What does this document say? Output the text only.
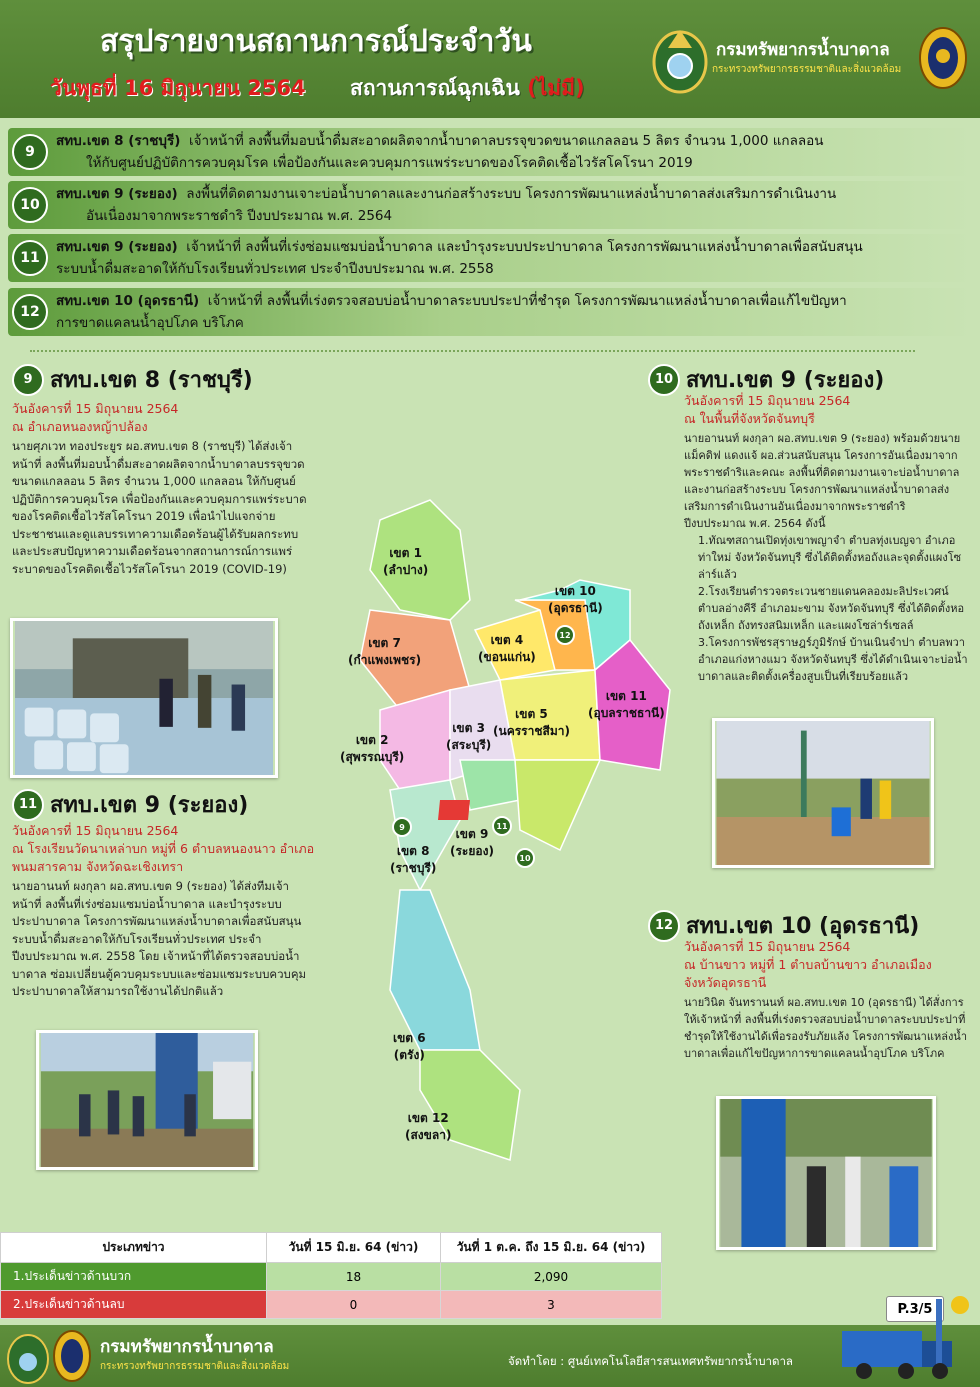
สรุปรายงานสถานการณ์ประจำวัน
วันพุธที่ 16 มิถุนายน 2564 สถานการณ์ฉุกเฉิน (ไม่มี)
กรมทรัพยากรน้ำบาดาล
กระทรวงทรัพยากรธรรมชาติและสิ่งแวดล้อม
9
สทบ.เขต 8 (ราชบุรี) เจ้าหน้าที่ ลงพื้นที่มอบน้ำดื่มสะอาดผลิตจากน้ำบาดาลบรรจุขวดขนาดแกลลอน 5 ลิตร จำนวน 1,000 แกลลอน
ให้กับศูนย์ปฏิบัติการควบคุมโรค เพื่อป้องกันและควบคุมการแพร่ระบาดของโรคติดเชื้อไวรัสโคโรนา 2019
10
สทบ.เขต 9 (ระยอง) ลงพื้นที่ติดตามงานเจาะบ่อน้ำบาดาลและงานก่อสร้างระบบ โครงการพัฒนาแหล่งน้ำบาดาลส่งเสริมการดำเนินงาน
อันเนื่องมาจากพระราชดำริ ปีงบประมาณ พ.ศ. 2564
11
สทบ.เขต 9 (ระยอง) เจ้าหน้าที่ ลงพื้นที่เร่งซ่อมแซมบ่อน้ำบาดาล และบำรุงระบบประปาบาดาล โครงการพัฒนาแหล่งน้ำบาดาลเพื่อสนับสนุน
ระบบน้ำดื่มสะอาดให้กับโรงเรียนทั่วประเทศ ประจำปีงบประมาณ พ.ศ. 2558
12
สทบ.เขต 10 (อุดรธานี) เจ้าหน้าที่ ลงพื้นที่เร่งตรวจสอบบ่อน้ำบาดาลระบบประปาที่ชำรุด โครงการพัฒนาแหล่งน้ำบาดาลเพื่อแก้ไขปัญหา
การขาดแคลนน้ำอุปโภค บริโภค
9 สทบ.เขต 8 (ราชบุรี)
วันอังคารที่ 15 มิถุนายน 2564
ณ อำเภอหนองหญ้าปล้อง
นายศุภเวท ทองประยูร ผอ.สทบ.เขต 8 (ราชบุรี) ได้ส่งเจ้าหน้าที่ ลงพื้นที่มอบน้ำดื่มสะอาดผลิตจากน้ำบาดาลบรรจุขวดขนาดแกลลอน 5 ลิตร จำนวน 1,000 แกลลอน ให้กับศูนย์ปฏิบัติการควบคุมโรค เพื่อป้องกันและควบคุมการแพร่ระบาดของโรคติดเชื้อไวรัสโคโรนา 2019 เพื่อนำไปแจกจ่ายประชาชนและดูแลบรรเทาความเดือดร้อนผู้ได้รับผลกระทบและประสบปัญหาความเดือดร้อนจากสถานการณ์การแพร่ระบาดของโรคติดเชื้อไวรัสโคโรนา 2019 (COVID-19)
11 สทบ.เขต 9 (ระยอง)
วันอังคารที่ 15 มิถุนายน 2564
ณ โรงเรียนวัดนาเหล่าบก หมู่ที่ 6 ตำบลหนองนาว อำเภอพนมสารคาม จังหวัดฉะเชิงเทรา
นายอานนท์ ผงกุลา ผอ.สทบ.เขต 9 (ระยอง) ได้ส่งทีมเจ้าหน้าที่ ลงพื้นที่เร่งซ่อมแซมบ่อน้ำบาดาล และบำรุงระบบประปาบาดาล โครงการพัฒนาแหล่งน้ำบาดาลเพื่อสนับสนุนระบบน้ำดื่มสะอาดให้กับโรงเรียนทั่วประเทศ ประจำปีงบประมาณ พ.ศ. 2558 โดย เจ้าหน้าที่ได้ตรวจสอบบ่อน้ำบาดาล ซ่อมเปลี่ยนตู้ควบคุมระบบและซ่อมแซมระบบควบคุมประปาบาดาลให้สามารถใช้งานได้ปกติแล้ว
เขต 1
(ลำปาง)
เขต 7
(กำแพงเพชร)
เขต 2
(สุพรรณบุรี)
เขต 3
(สระบุรี)
เขต 4
(ขอนแก่น)
เขต 5
(นครราชสีมา)
เขต 10
(อุดรธานี)
เขต 11
(อุบลราชธานี)
เขต 8
(ราชบุรี)
เขต 9
(ระยอง)
เขต 6
(ตรัง)
เขต 12
(สงขลา)
9	11
10
12
10 สทบ.เขต 9 (ระยอง)
วันอังคารที่ 15 มิถุนายน 2564
ณ ในพื้นที่จังหวัดจันทบุรี
นายอานนท์ ผงกุลา ผอ.สทบ.เขต 9 (ระยอง) พร้อมด้วยนายแม็คดิฟ แดงแจ้ ผอ.ส่วนสนับสนุน โครงการอันเนื่องมาจากพระราชดำริและคณะ ลงพื้นที่ติดตามงานเจาะบ่อน้ำบาดาลและงานก่อสร้างระบบ โครงการพัฒนาแหล่งน้ำบาดาลส่งเสริมการดำเนินงานอันเนื่องมาจากพระราชดำริ ปีงบประมาณ พ.ศ. 2564 ดังนี้
1.ทัณฑสถานเปิดทุ่งเขาพญาจำ ตำบลทุ่งเบญจา อำเภอท่าใหม่ จังหวัดจันทบุรี ซึ่งได้ติดตั้งหอถังและจุดตั้งแผงโซล่าร์แล้ว
2.โรงเรียนตำรวจตระเวนชายแดนคลองมะลิประเวศน์ ตำบลอ่างคีรี อำเภอมะขาม จังหวัดจันทบุรี ซึ่งได้ติดตั้งหอถังเหล็ก ถังทรงสนิมเหล็ก และแผงโซล่าร์เซลล์
3.โครงการพัชรสุราษฎร์ภูมิรักษ์ บ้านเนินจำปา ตำบลพวา อำเภอแก่งหางแมว จังหวัดจันทบุรี ซึ่งได้ดำเนินเจาะบ่อน้ำบาดาลและติดตั้งเครื่องสูบเป็นที่เรียบร้อยแล้ว
12 สทบ.เขต 10 (อุดรธานี)
วันอังคารที่ 15 มิถุนายน 2564
ณ บ้านขาว หมู่ที่ 1 ตำบลบ้านขาว อำเภอเมือง จังหวัดอุดรธานี
นายวินิต จันทรานนท์ ผอ.สทบ.เขต 10 (อุดรธานี) ได้สั่งการให้เจ้าหน้าที่ ลงพื้นที่เร่งตรวจสอบบ่อน้ำบาดาลระบบประปาที่ชำรุดให้ใช้งานได้เพื่อรองรับภัยแล้ง โครงการพัฒนาแหล่งน้ำบาดาลเพื่อแก้ไขปัญหาการขาดแคลนน้ำอุปโภค บริโภค
ประเภทข่าว	วันที่ 15 มิ.ย. 64 (ข่าว)	วันที่ 1 ต.ค. ถึง 15 มิ.ย. 64 (ข่าว)
1.ประเด็นข่าวด้านบวก	18	2,090
2.ประเด็นข่าวด้านลบ	0	3	P.3/5
กรมทรัพยากรน้ำบาดาล
กระทรวงทรัพยากรธรรมชาติและสิ่งแวดล้อม	จัดทำโดย : ศูนย์เทคโนโลยีสารสนเทศทรัพยากรน้ำบาดาล
